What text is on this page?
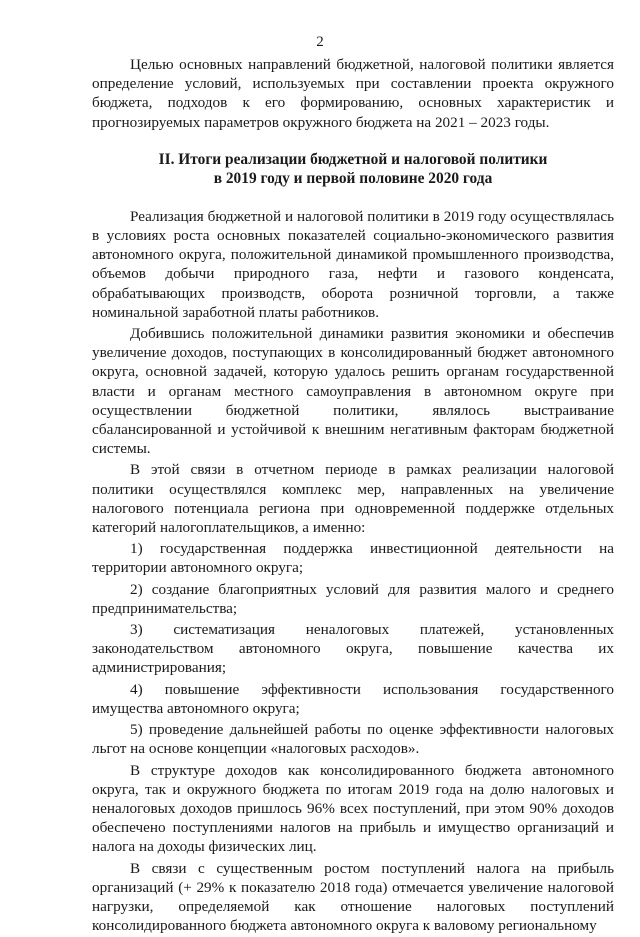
2

Целью основных направлений бюджетной, налоговой политики является определение условий, используемых при составлении проекта окружного бюджета, подходов к его формированию, основных характеристик и прогнозируемых параметров окружного бюджета на 2021 – 2023 годы.

II. Итоги реализации бюджетной и налоговой политики
в 2019 году и первой половине 2020 года

Реализация бюджетной и налоговой политики в 2019 году осуществлялась в условиях роста основных показателей социально-экономического развития автономного округа, положительной динамикой промышленного производства, объемов добычи природного газа, нефти и газового конденсата, обрабатывающих производств, оборота розничной торговли, а также номинальной заработной платы работников.

Добившись положительной динамики развития экономики и обеспечив увеличение доходов, поступающих в консолидированный бюджет автономного округа, основной задачей, которую удалось решить органам государственной власти и органам местного самоуправления в автономном округе при осуществлении бюджетной политики, являлось выстраивание сбалансированной и устойчивой к внешним негативным факторам бюджетной системы.

В этой связи в отчетном периоде в рамках реализации налоговой политики осуществлялся комплекс мер, направленных на увеличение налогового потенциала региона при одновременной поддержке отдельных категорий налогоплательщиков, а именно:

1) государственная поддержка инвестиционной деятельности на территории автономного округа;

2) создание благоприятных условий для развития малого и среднего предпринимательства;

3) систематизация неналоговых платежей, установленных законодательством автономного округа, повышение качества их администрирования;

4) повышение эффективности использования государственного имущества автономного округа;

5) проведение дальнейшей работы по оценке эффективности налоговых льгот на основе концепции «налоговых расходов».

В структуре доходов как консолидированного бюджета автономного округа, так и окружного бюджета по итогам 2019 года на долю налоговых и неналоговых доходов пришлось 96% всех поступлений, при этом 90% доходов обеспечено поступлениями налогов на прибыль и имущество организаций и налога на доходы физических лиц.

В связи с существенным ростом поступлений налога на прибыль организаций (+ 29% к показателю 2018 года) отмечается увеличение налоговой нагрузки, определяемой как отношение налоговых поступлений консолидированного бюджета автономного округа к валовому региональному
